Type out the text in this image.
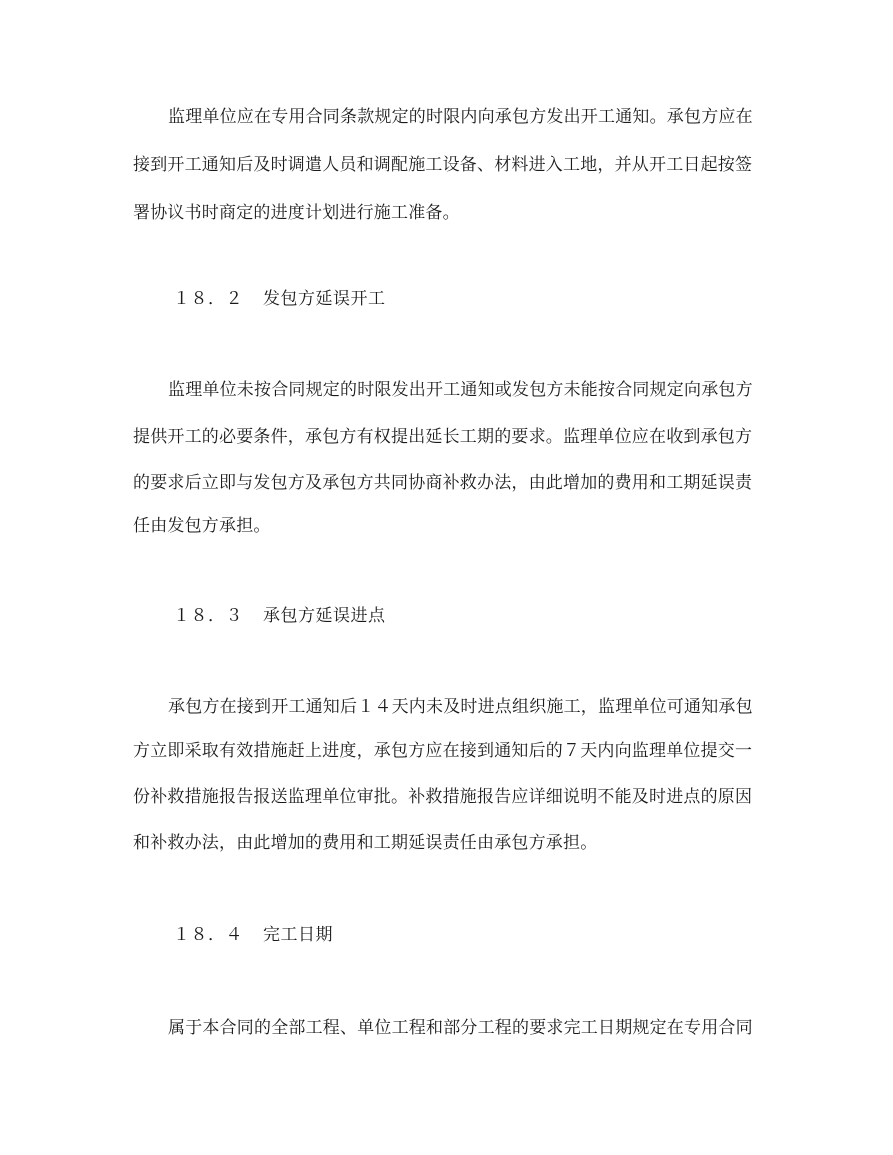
监理单位应在专用合同条款规定的时限内向承包方发出开工通知。承包方应在
接到开工通知后及时调遣人员和调配施工设备、材料进入工地，并从开工日起按签
署协议书时商定的进度计划进行施工准备。
１８．２ 发包方延误开工
监理单位未按合同规定的时限发出开工通知或发包方未能按合同规定向承包方
提供开工的必要条件，承包方有权提出延长工期的要求。监理单位应在收到承包方
的要求后立即与发包方及承包方共同协商补救办法，由此增加的费用和工期延误责
任由发包方承担。
１８．３ 承包方延误进点
承包方在接到开工通知后１４天内未及时进点组织施工，监理单位可通知承包
方立即采取有效措施赶上进度，承包方应在接到通知后的７天内向监理单位提交一
份补救措施报告报送监理单位审批。补救措施报告应详细说明不能及时进点的原因
和补救办法，由此增加的费用和工期延误责任由承包方承担。
１８．４ 完工日期
属于本合同的全部工程、单位工程和部分工程的要求完工日期规定在专用合同
